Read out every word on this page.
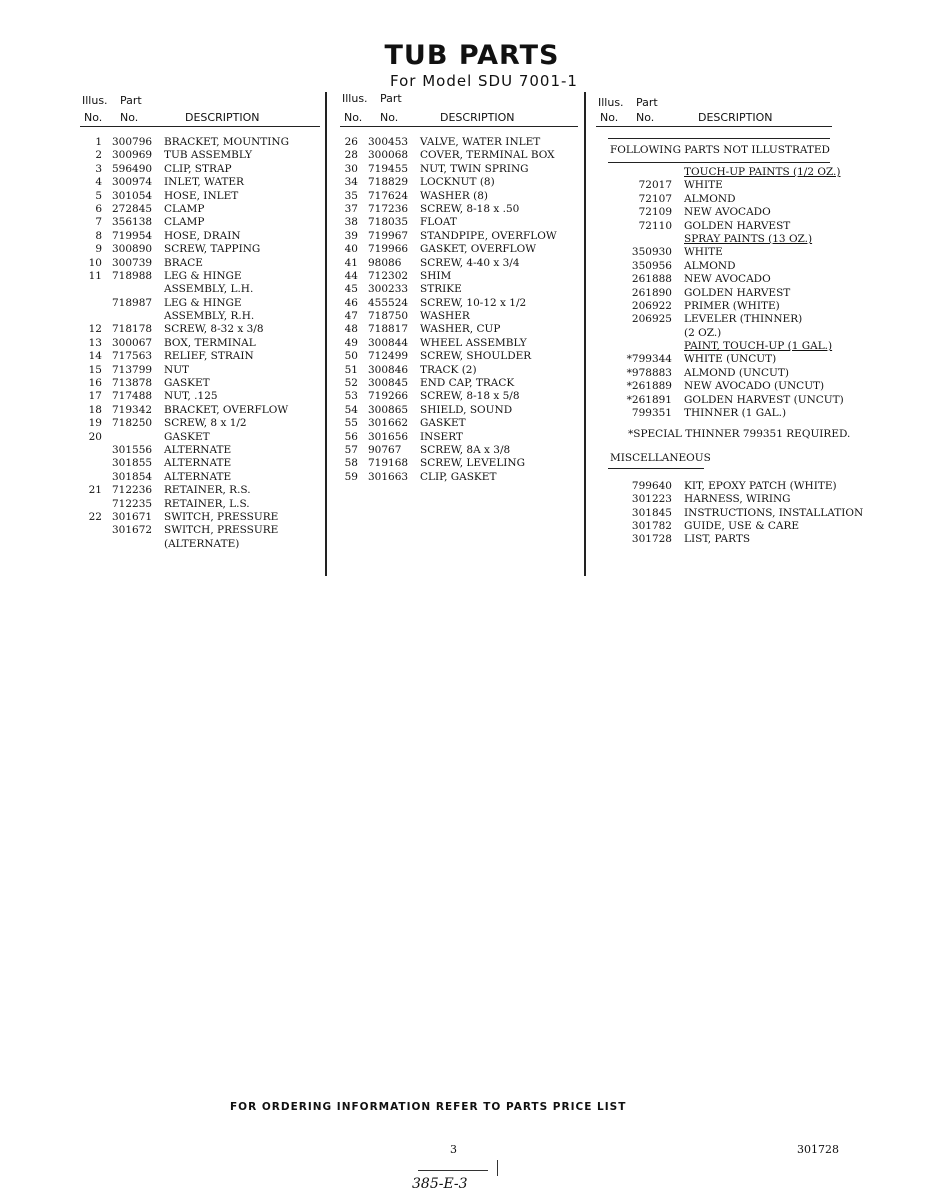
TUB PARTS
For Model SDU 7001-1
Illus. Part
No. No.	DESCRIPTION
1 300796 BRACKET, MOUNTING
2 300969 TUB ASSEMBLY
3 596490 CLIP, STRAP
4 300974 INLET, WATER
5 301054 HOSE, INLET
6 272845 CLAMP
7 356138 CLAMP
8 719954 HOSE, DRAIN
9 300890 SCREW, TAPPING
10 300739 BRACE
11 718988 LEG & HINGE
ASSEMBLY, L.H.
718987 LEG & HINGE
ASSEMBLY, R.H.
12 718178 SCREW, 8-32 x 3/8
13 300067 BOX, TERMINAL
14 717563 RELIEF, STRAIN
15 713799 NUT
16 713878 GASKET
17 717488 NUT, .125
18 719342 BRACKET, OVERFLOW
19 718250 SCREW, 8 x 1/2
20	GASKET
301556 ALTERNATE
301855 ALTERNATE
301854 ALTERNATE
21 712236 RETAINER, R.S.
712235 RETAINER, L.S.
22 301671 SWITCH, PRESSURE
301672 SWITCH, PRESSURE
(ALTERNATE)
Illus. Part
No. No.	DESCRIPTION
26 300453 VALVE, WATER INLET
28 300068 COVER, TERMINAL BOX
30 719455 NUT, TWIN SPRING
34 718829 LOCKNUT (8)
35 717624 WASHER (8)
37 717236 SCREW, 8-18 x .50
38 718035 FLOAT
39 719967 STANDPIPE, OVERFLOW
40 719966 GASKET, OVERFLOW
41 98086 SCREW, 4-40 x 3/4
44 712302 SHIM
45 300233 STRIKE
46 455524 SCREW, 10-12 x 1/2
47 718750 WASHER
48 718817 WASHER, CUP
49 300844 WHEEL ASSEMBLY
50 712499 SCREW, SHOULDER
51 300846 TRACK (2)
52 300845 END CAP, TRACK
53 719266 SCREW, 8-18 x 5/8
54 300865 SHIELD, SOUND
55 301662 GASKET
56 301656 INSERT
57 90767 SCREW, 8A x 3/8
58 719168 SCREW, LEVELING
59 301663 CLIP, GASKET
Illus. Part
No. No.	DESCRIPTION
FOLLOWING PARTS NOT ILLUSTRATED
TOUCH-UP PAINTS (1/2 OZ.)
72017 WHITE
72107 ALMOND
72109 NEW AVOCADO
72110 GOLDEN HARVEST
SPRAY PAINTS (13 OZ.)
350930 WHITE
350956 ALMOND
261888 NEW AVOCADO
261890 GOLDEN HARVEST
206922 PRIMER (WHITE)
206925 LEVELER (THINNER)
(2 OZ.)
PAINT, TOUCH-UP (1 GAL.)
*799344 WHITE (UNCUT)
*978883 ALMOND (UNCUT)
*261889 NEW AVOCADO (UNCUT)
*261891 GOLDEN HARVEST (UNCUT)
799351 THINNER (1 GAL.)
*SPECIAL THINNER 799351 REQUIRED.
MISCELLANEOUS
799640 KIT, EPOXY PATCH (WHITE)
301223 HARNESS, WIRING
301845 INSTRUCTIONS, INSTALLATION
301782 GUIDE, USE & CARE
301728 LIST, PARTS
FOR ORDERING INFORMATION REFER TO PARTS PRICE LIST
3	301728
385-E-3
